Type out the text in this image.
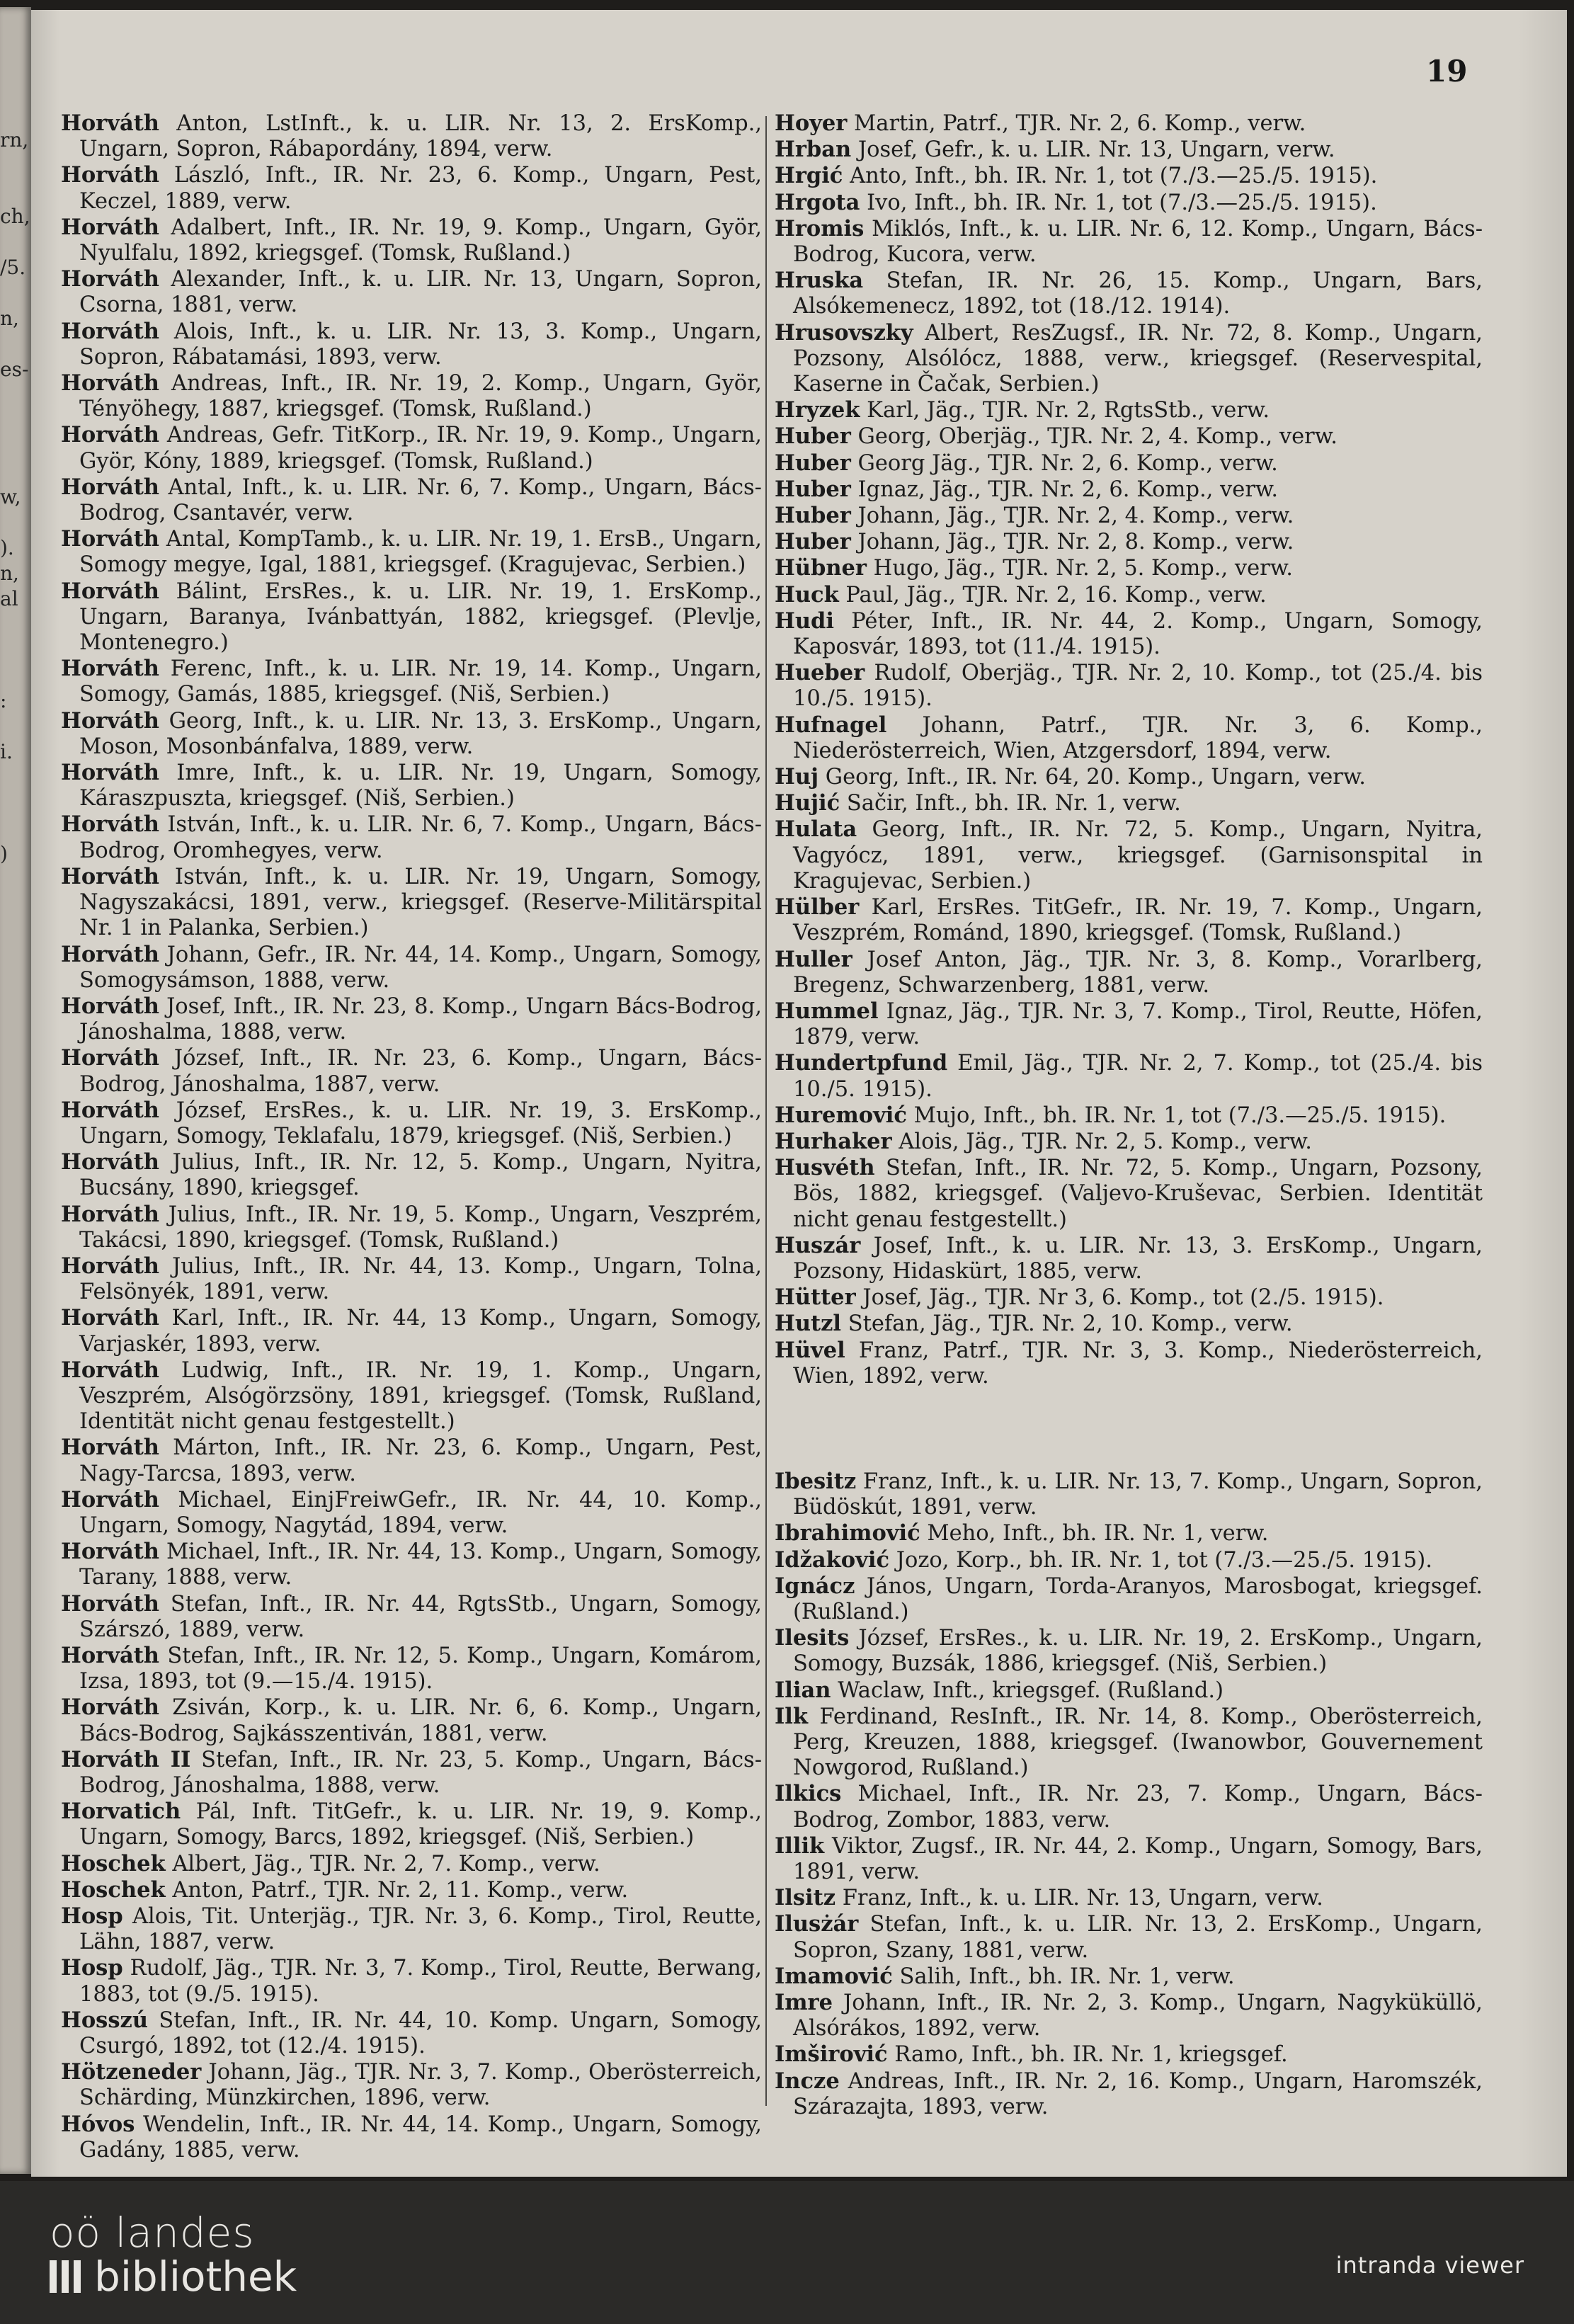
rn,
ch,
/5.
n,
es-
w,
).
n,
al
:
i.
)
19

Horváth Anton, LstInft., k. u. LIR. Nr. 13, 2. ErsKomp., Ungarn, Sopron, Rábapordány, 1894, verw.

Horváth László, Inft., IR. Nr. 23, 6. Komp., Ungarn, Pest, Keczel, 1889, verw.

Horváth Adalbert, Inft., IR. Nr. 19, 9. Komp., Ungarn, Györ, Nyulfalu, 1892, kriegsgef. (Tomsk, Rußland.)

Horváth Alexander, Inft., k. u. LIR. Nr. 13, Ungarn, Sopron, Csorna, 1881, verw.

Horváth Alois, Inft., k. u. LIR. Nr. 13, 3. Komp., Ungarn, Sopron, Rábatamási, 1893, verw.

Horváth Andreas, Inft., IR. Nr. 19, 2. Komp., Ungarn, Györ, Tényöhegy, 1887, kriegsgef. (Tomsk, Rußland.)

Horváth Andreas, Gefr. TitKorp., IR. Nr. 19, 9. Komp., Ungarn, Györ, Kóny, 1889, kriegsgef. (Tomsk, Rußland.)

Horváth Antal, Inft., k. u. LIR. Nr. 6, 7. Komp., Ungarn, Bács-Bodrog, Csantavér, verw.

Horváth Antal, KompTamb., k. u. LIR. Nr. 19, 1. ErsB., Ungarn, Somogy megye, Igal, 1881, kriegsgef. (Kragujevac, Serbien.)

Horváth Bálint, ErsRes., k. u. LIR. Nr. 19, 1. ErsKomp., Ungarn, Baranya, Ivánbattyán, 1882, kriegsgef. (Plevlje, Montenegro.)

Horváth Ferenc, Inft., k. u. LIR. Nr. 19, 14. Komp., Ungarn, Somogy, Gamás, 1885, kriegsgef. (Niš, Serbien.)

Horváth Georg, Inft., k. u. LIR. Nr. 13, 3. ErsKomp., Ungarn, Moson, Mosonbánfalva, 1889, verw.

Horváth Imre, Inft., k. u. LIR. Nr. 19, Ungarn, Somogy, Káraszpuszta, kriegsgef. (Niš, Serbien.)

Horváth István, Inft., k. u. LIR. Nr. 6, 7. Komp., Ungarn, Bács-Bodrog, Oromhegyes, verw.

Horváth István, Inft., k. u. LIR. Nr. 19, Ungarn, Somogy, Nagyszakácsi, 1891, verw., kriegsgef. (Reserve-Militärspital Nr. 1 in Palanka, Serbien.)

Horváth Johann, Gefr., IR. Nr. 44, 14. Komp., Ungarn, Somogy, Somogysámson, 1888, verw.

Horváth Josef, Inft., IR. Nr. 23, 8. Komp., Ungarn Bács-Bodrog, Jánoshalma, 1888, verw.

Horváth József, Inft., IR. Nr. 23, 6. Komp., Ungarn, Bács-Bodrog, Jánoshalma, 1887, verw.

Horváth József, ErsRes., k. u. LIR. Nr. 19, 3. ErsKomp., Ungarn, Somogy, Teklafalu, 1879, kriegsgef. (Niš, Serbien.)

Horváth Julius, Inft., IR. Nr. 12, 5. Komp., Ungarn, Nyitra, Bucsány, 1890, kriegsgef.

Horváth Julius, Inft., IR. Nr. 19, 5. Komp., Ungarn, Veszprém, Takácsi, 1890, kriegsgef. (Tomsk, Rußland.)

Horváth Julius, Inft., IR. Nr. 44, 13. Komp., Ungarn, Tolna, Felsönyék, 1891, verw.

Horváth Karl, Inft., IR. Nr. 44, 13 Komp., Ungarn, Somogy, Varjaskér, 1893, verw.

Horváth Ludwig, Inft., IR. Nr. 19, 1. Komp., Ungarn, Veszprém, Alsógörzsöny, 1891, kriegsgef. (Tomsk, Rußland, Identität nicht genau festgestellt.)

Horváth Márton, Inft., IR. Nr. 23, 6. Komp., Ungarn, Pest, Nagy-Tarcsa, 1893, verw.

Horváth Michael, EinjFreiwGefr., IR. Nr. 44, 10. Komp., Ungarn, Somogy, Nagytád, 1894, verw.

Horváth Michael, Inft., IR. Nr. 44, 13. Komp., Ungarn, Somogy, Tarany, 1888, verw.

Horváth Stefan, Inft., IR. Nr. 44, RgtsStb., Ungarn, Somogy, Szárszó, 1889, verw.

Horváth Stefan, Inft., IR. Nr. 12, 5. Komp., Ungarn, Komárom, Izsa, 1893, tot (9.—15./4. 1915).

Horváth Zsiván, Korp., k. u. LIR. Nr. 6, 6. Komp., Ungarn, Bács-Bodrog, Sajkásszentiván, 1881, verw.

Horváth II Stefan, Inft., IR. Nr. 23, 5. Komp., Ungarn, Bács-Bodrog, Jánoshalma, 1888, verw.

Horvatich Pál, Inft. TitGefr., k. u. LIR. Nr. 19, 9. Komp., Ungarn, Somogy, Barcs, 1892, kriegsgef. (Niš, Serbien.)

Hoschek Albert, Jäg., TJR. Nr. 2, 7. Komp., verw.

Hoschek Anton, Patrf., TJR. Nr. 2, 11. Komp., verw.

Hosp Alois, Tit. Unterjäg., TJR. Nr. 3, 6. Komp., Tirol, Reutte, Lähn, 1887, verw.

Hosp Rudolf, Jäg., TJR. Nr. 3, 7. Komp., Tirol, Reutte, Berwang, 1883, tot (9./5. 1915).

Hosszú Stefan, Inft., IR. Nr. 44, 10. Komp. Ungarn, Somogy, Csurgó, 1892, tot (12./4. 1915).

Hötzeneder Johann, Jäg., TJR. Nr. 3, 7. Komp., Oberösterreich, Schärding, Münzkirchen, 1896, verw.

Hóvos Wendelin, Inft., IR. Nr. 44, 14. Komp., Ungarn, Somogy, Gadány, 1885, verw.

Hoyer Martin, Patrf., TJR. Nr. 2, 6. Komp., verw.

Hrban Josef, Gefr., k. u. LIR. Nr. 13, Ungarn, verw.

Hrgić Anto, Inft., bh. IR. Nr. 1, tot (7./3.—25./5. 1915).

Hrgota Ivo, Inft., bh. IR. Nr. 1, tot (7./3.—25./5. 1915).

Hromis Miklós, Inft., k. u. LIR. Nr. 6, 12. Komp., Ungarn, Bács-Bodrog, Kucora, verw.

Hruska Stefan, IR. Nr. 26, 15. Komp., Ungarn, Bars, Alsókemenecz, 1892, tot (18./12. 1914).

Hrusovszky Albert, ResZugsf., IR. Nr. 72, 8. Komp., Ungarn, Pozsony, Alsólócz, 1888, verw., kriegsgef. (Reservespital, Kaserne in Čačak, Serbien.)

Hryzek Karl, Jäg., TJR. Nr. 2, RgtsStb., verw.

Huber Georg, Oberjäg., TJR. Nr. 2, 4. Komp., verw.

Huber Georg Jäg., TJR. Nr. 2, 6. Komp., verw.

Huber Ignaz, Jäg., TJR. Nr. 2, 6. Komp., verw.

Huber Johann, Jäg., TJR. Nr. 2, 4. Komp., verw.

Huber Johann, Jäg., TJR. Nr. 2, 8. Komp., verw.

Hübner Hugo, Jäg., TJR. Nr. 2, 5. Komp., verw.

Huck Paul, Jäg., TJR. Nr. 2, 16. Komp., verw.

Hudi Péter, Inft., IR. Nr. 44, 2. Komp., Ungarn, Somogy, Kaposvár, 1893, tot (11./4. 1915).

Hueber Rudolf, Oberjäg., TJR. Nr. 2, 10. Komp., tot (25./4. bis 10./5. 1915).

Hufnagel Johann, Patrf., TJR. Nr. 3, 6. Komp., Niederösterreich, Wien, Atzgersdorf, 1894, verw.

Huj Georg, Inft., IR. Nr. 64, 20. Komp., Ungarn, verw.

Hujić Sačir, Inft., bh. IR. Nr. 1, verw.

Hulata Georg, Inft., IR. Nr. 72, 5. Komp., Ungarn, Nyitra, Vagyócz, 1891, verw., kriegsgef. (Garnisonspital in Kragujevac, Serbien.)

Hülber Karl, ErsRes. TitGefr., IR. Nr. 19, 7. Komp., Ungarn, Veszprém, Románd, 1890, kriegsgef. (Tomsk, Rußland.)

Huller Josef Anton, Jäg., TJR. Nr. 3, 8. Komp., Vorarlberg, Bregenz, Schwarzenberg, 1881, verw.

Hummel Ignaz, Jäg., TJR. Nr. 3, 7. Komp., Tirol, Reutte, Höfen, 1879, verw.

Hundertpfund Emil, Jäg., TJR. Nr. 2, 7. Komp., tot (25./4. bis 10./5. 1915).

Huremović Mujo, Inft., bh. IR. Nr. 1, tot (7./3.—25./5. 1915).

Hurhaker Alois, Jäg., TJR. Nr. 2, 5. Komp., verw.

Husvéth Stefan, Inft., IR. Nr. 72, 5. Komp., Ungarn, Pozsony, Bös, 1882, kriegsgef. (Valjevo-Kruševac, Serbien. Identität nicht genau festgestellt.)

Huszár Josef, Inft., k. u. LIR. Nr. 13, 3. ErsKomp., Ungarn, Pozsony, Hidaskürt, 1885, verw.

Hütter Josef, Jäg., TJR. Nr 3, 6. Komp., tot (2./5. 1915).

Hutzl Stefan, Jäg., TJR. Nr. 2, 10. Komp., verw.

Hüvel Franz, Patrf., TJR. Nr. 3, 3. Komp., Niederösterreich, Wien, 1892, verw.

Ibesitz Franz, Inft., k. u. LIR. Nr. 13, 7. Komp., Ungarn, Sopron, Büdöskút, 1891, verw.

Ibrahimović Meho, Inft., bh. IR. Nr. 1, verw.

Idžaković Jozo, Korp., bh. IR. Nr. 1, tot (7./3.—25./5. 1915).

Ignácz János, Ungarn, Torda-Aranyos, Marosbogat, kriegsgef. (Rußland.)

Ilesits József, ErsRes., k. u. LIR. Nr. 19, 2. ErsKomp., Ungarn, Somogy, Buzsák, 1886, kriegsgef. (Niš, Serbien.)

Ilian Waclaw, Inft., kriegsgef. (Rußland.)

Ilk Ferdinand, ResInft., IR. Nr. 14, 8. Komp., Oberösterreich, Perg, Kreuzen, 1888, kriegsgef. (Iwanowbor, Gouvernement Nowgorod, Rußland.)

Ilkics Michael, Inft., IR. Nr. 23, 7. Komp., Ungarn, Bács-Bodrog, Zombor, 1883, verw.

Illik Viktor, Zugsf., IR. Nr. 44, 2. Komp., Ungarn, Somogy, Bars, 1891, verw.

Ilsitz Franz, Inft., k. u. LIR. Nr. 13, Ungarn, verw.

Ilusżár Stefan, Inft., k. u. LIR. Nr. 13, 2. ErsKomp., Ungarn, Sopron, Szany, 1881, verw.

Imamović Salih, Inft., bh. IR. Nr. 1, verw.

Imre Johann, Inft., IR. Nr. 2, 3. Komp., Ungarn, Nagyküküllö, Alsórákos, 1892, verw.

Imširović Ramo, Inft., bh. IR. Nr. 1, kriegsgef.

Incze Andreas, Inft., IR. Nr. 2, 16. Komp., Ungarn, Haromszék, Szárazajta, 1893, verw.

oö landes
bibliothek	intranda viewer
